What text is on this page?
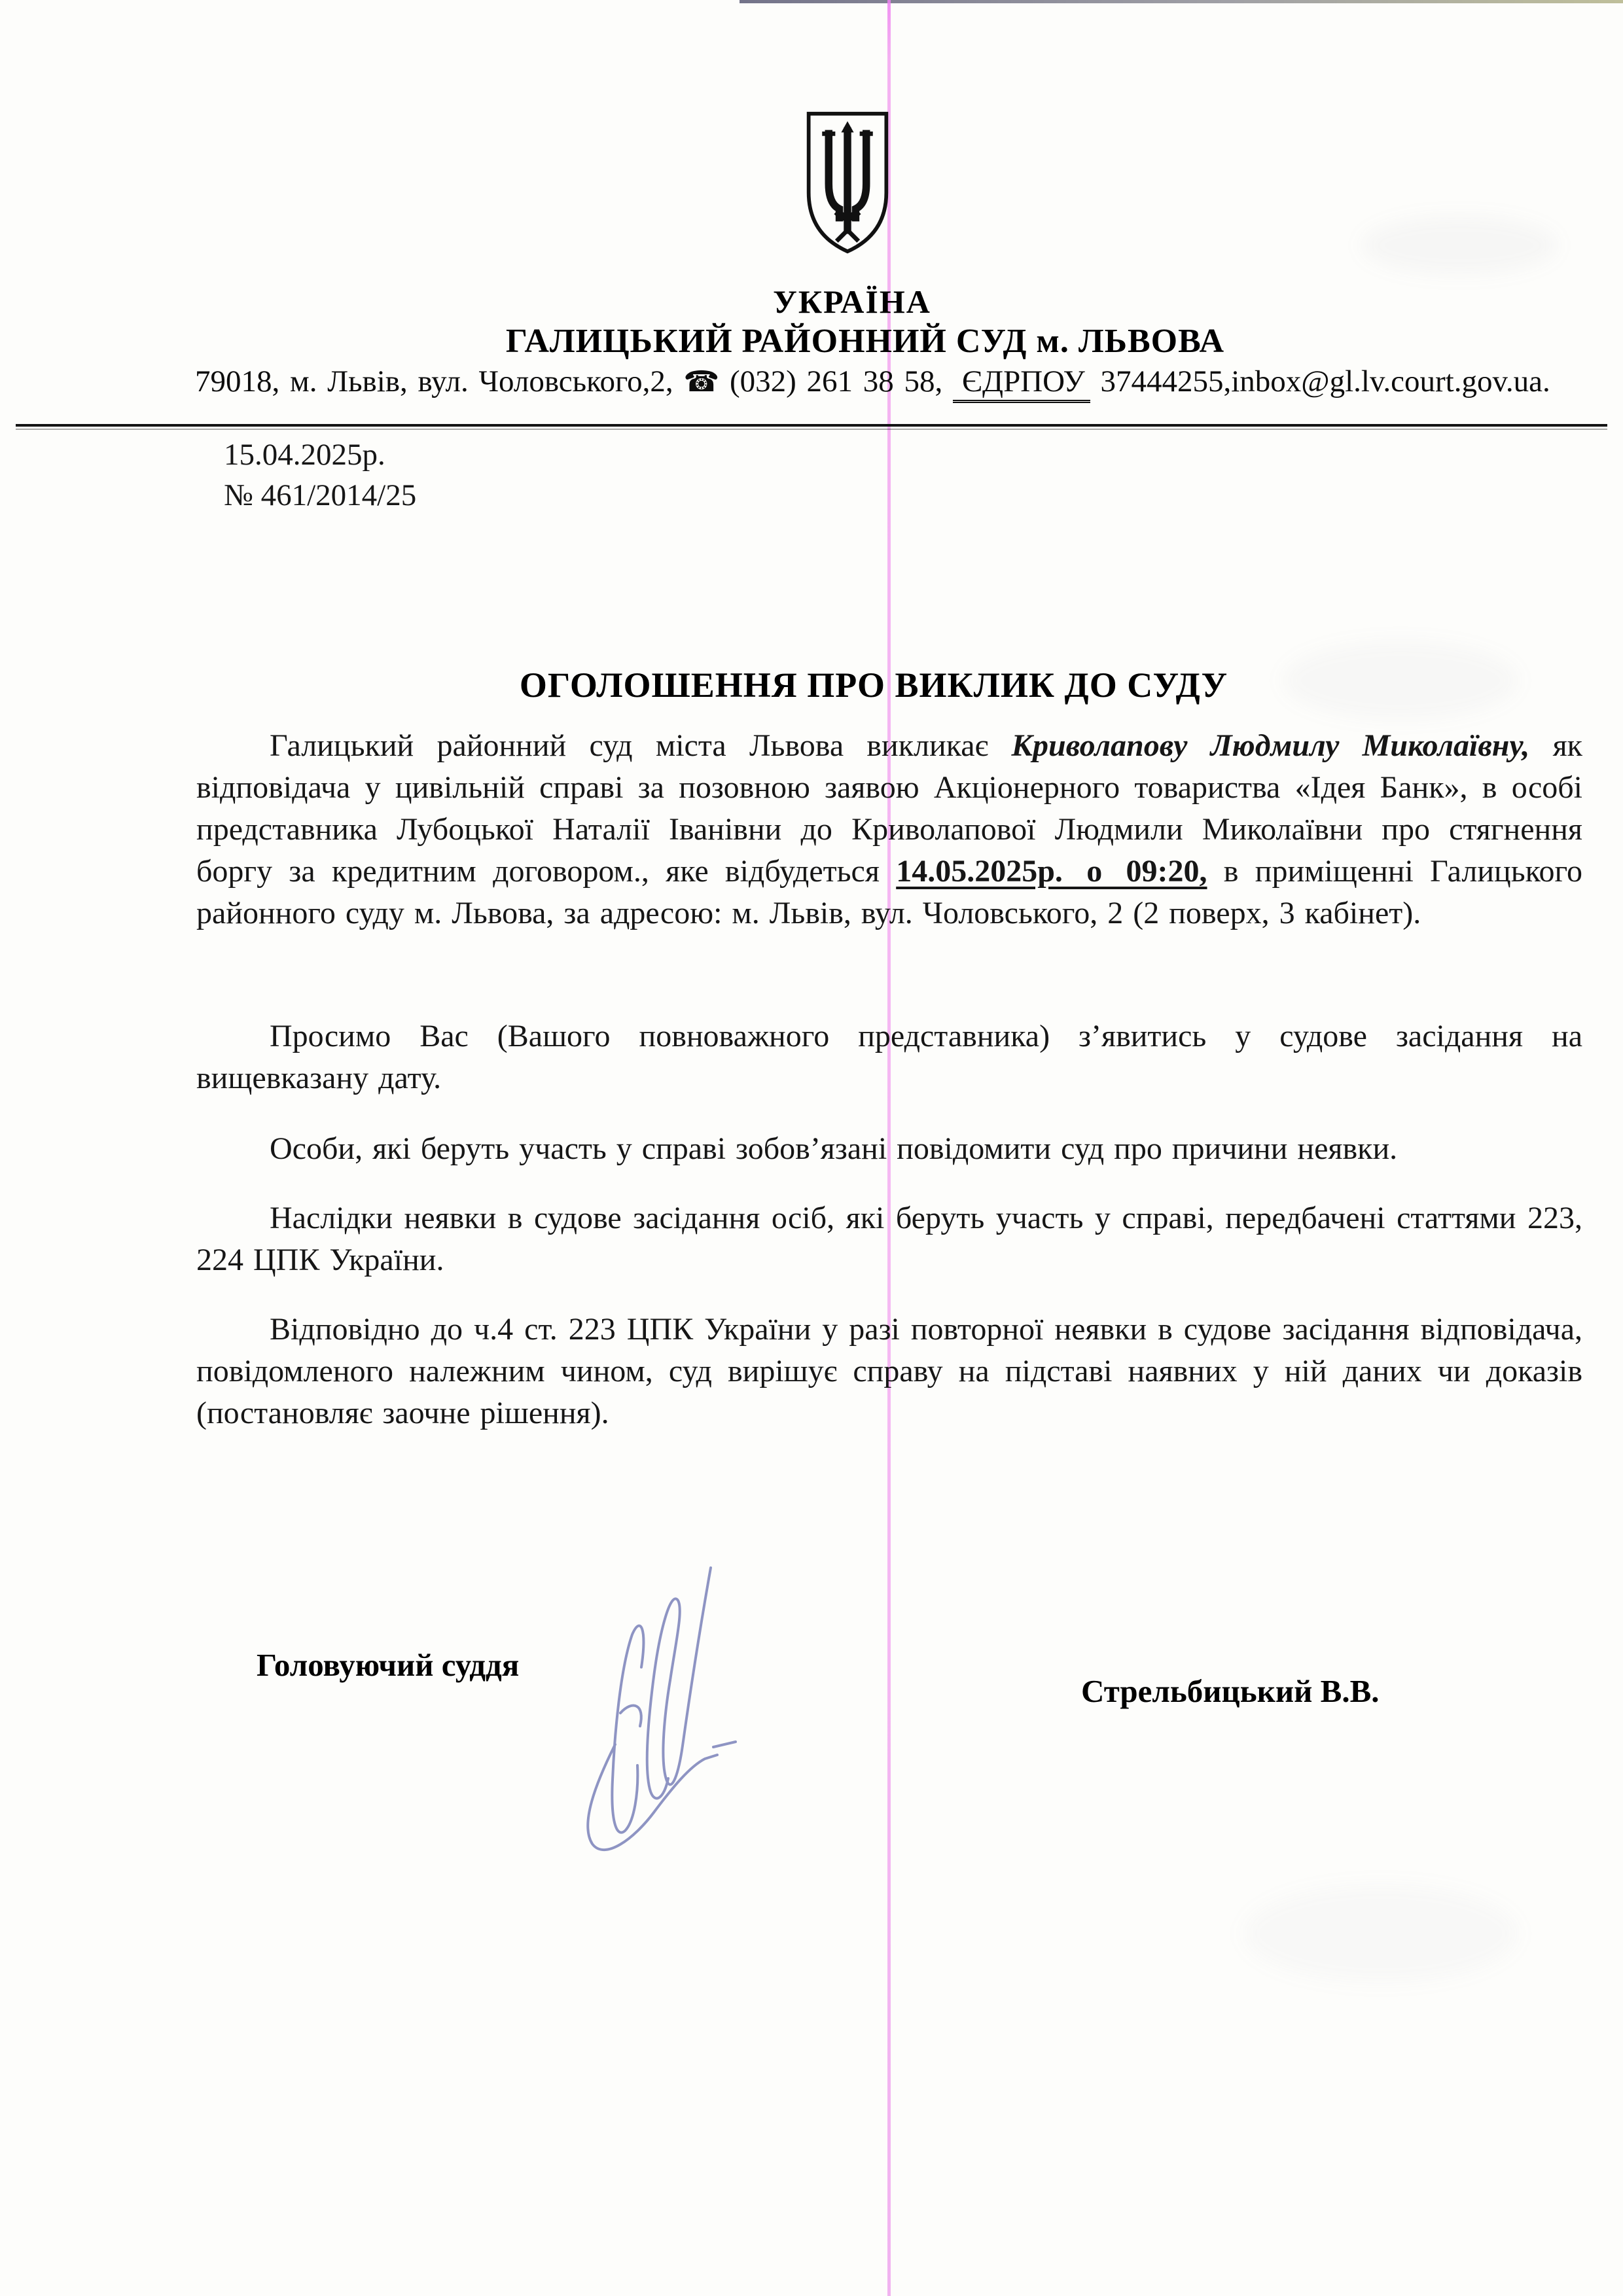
УКРАЇНА
ГАЛИЦЬКИЙ РАЙОННИЙ СУД м. ЛЬВОВА
79018, м. Львів, вул. Чоловського,2, ☎ (032) 261 38 58, ЄДРПОУ 37444255,inbox@gl.lv.court.gov.ua.
15.04.2025р.
№ 461/2014/25
ОГОЛОШЕННЯ ПРО ВИКЛИК ДО СУДУ

Галицький районний суд міста Львова викликає Криволапову Людмилу Миколаївну, як відповідача у цивільній справі за позовною заявою Акціонерного товариства «Ідея Банк», в особі представника Лубоцької Наталії Іванівни до Криволапової Людмили Миколаївни про стягнення боргу за кредитним договором., яке відбудеться 14.05.2025р. о 09:20, в приміщенні Галицького районного суду м. Львова, за адресою: м. Львів, вул. Чоловського, 2 (2 поверх, 3 кабінет).

Просимо Вас (Вашого повноважного представника) з’явитись у судове засідання на вищевказану дату.

Особи, які беруть участь у справі зобов’язані повідомити суд про причини неявки.

Наслідки неявки в судове засідання осіб, які беруть участь у справі, передбачені статтями 223, 224 ЦПК України.

Відповідно до ч.4 ст. 223 ЦПК України у разі повторної неявки в судове засідання відповідача, повідомленого належним чином, суд вирішує справу на підставі наявних у ній даних чи доказів (постановляє заочне рішення).

Головуючий суддя
Стрельбицький В.В.
